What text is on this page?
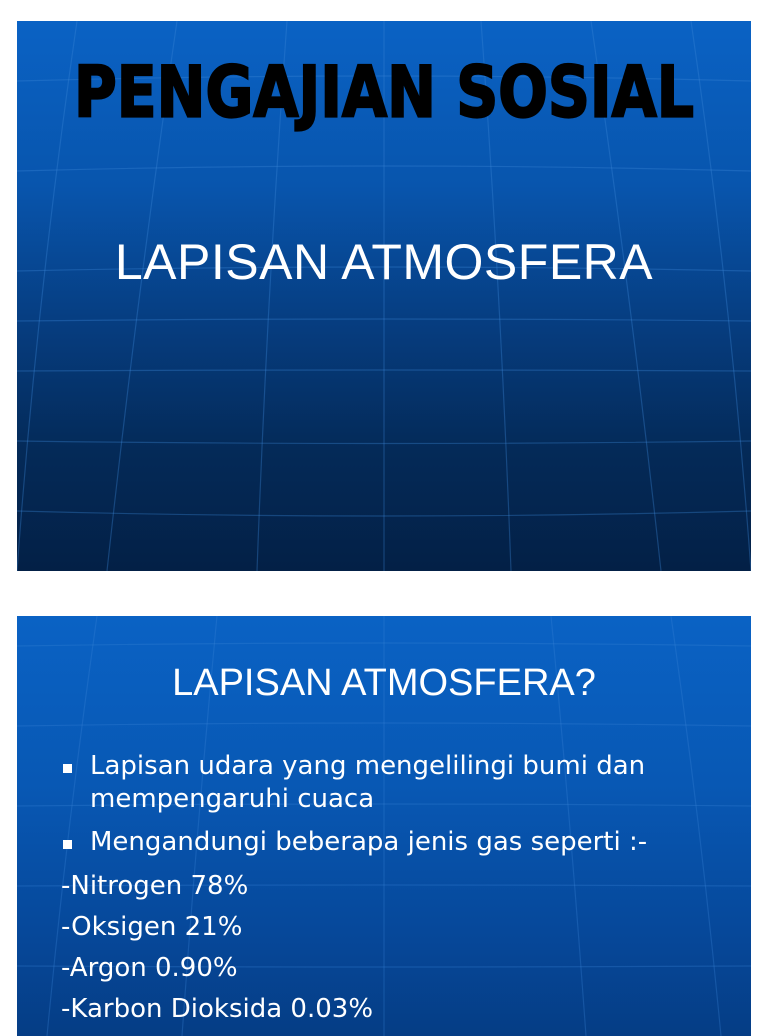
PENGAJIAN SOSIAL
LAPISAN ATMOSFERA
LAPISAN ATMOSFERA?
Lapisan udara yang mengelilingi bumi dan mempengaruhi cuaca
Mengandungi beberapa jenis gas seperti :-
-Nitrogen 78%
-Oksigen 21%
-Argon 0.90%
-Karbon Dioksida 0.03%
